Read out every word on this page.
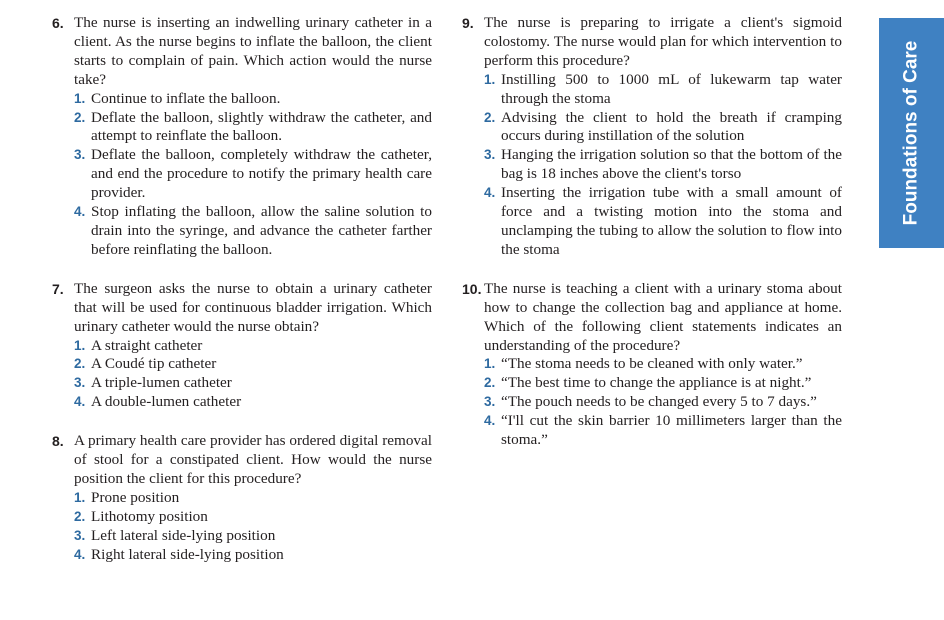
6. The nurse is inserting an indwelling urinary catheter in a client. As the nurse begins to inflate the balloon, the client starts to complain of pain. Which action would the nurse take?
1. Continue to inflate the balloon.
2. Deflate the balloon, slightly withdraw the catheter, and attempt to reinflate the balloon.
3. Deflate the balloon, completely withdraw the catheter, and end the procedure to notify the primary health care provider.
4. Stop inflating the balloon, allow the saline solution to drain into the syringe, and advance the catheter farther before reinflating the balloon.
7. The surgeon asks the nurse to obtain a urinary catheter that will be used for continuous bladder irrigation. Which urinary catheter would the nurse obtain?
1. A straight catheter
2. A Coudé tip catheter
3. A triple-lumen catheter
4. A double-lumen catheter
8. A primary health care provider has ordered digital removal of stool for a constipated client. How would the nurse position the client for this procedure?
1. Prone position
2. Lithotomy position
3. Left lateral side-lying position
4. Right lateral side-lying position
9. The nurse is preparing to irrigate a client's sigmoid colostomy. The nurse would plan for which intervention to perform this procedure?
1. Instilling 500 to 1000 mL of lukewarm tap water through the stoma
2. Advising the client to hold the breath if cramping occurs during instillation of the solution
3. Hanging the irrigation solution so that the bottom of the bag is 18 inches above the client's torso
4. Inserting the irrigation tube with a small amount of force and a twisting motion into the stoma and unclamping the tubing to allow the solution to flow into the stoma
10. The nurse is teaching a client with a urinary stoma about how to change the collection bag and appliance at home. Which of the following client statements indicates an understanding of the procedure?
1. “The stoma needs to be cleaned with only water.”
2. “The best time to change the appliance is at night.”
3. “The pouch needs to be changed every 5 to 7 days.”
4. “I'll cut the skin barrier 10 millimeters larger than the stoma.”
Foundations of Care
